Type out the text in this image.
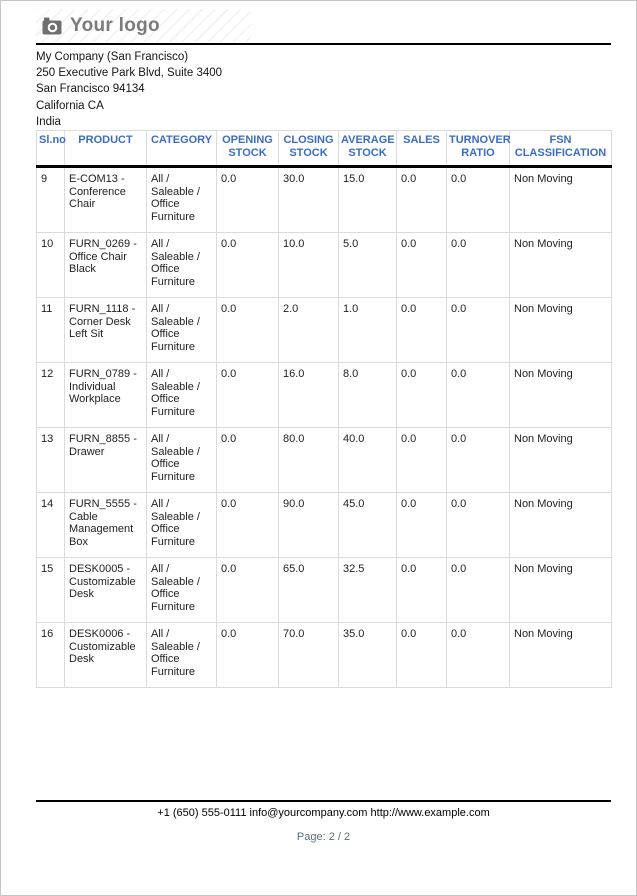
Your logo
My Company (San Francisco)
250 Executive Park Blvd, Suite 3400
San Francisco 94134
California CA
India
Sl.no	PRODUCT	CATEGORY	OPENING STOCK	CLOSING STOCK	AVERAGE STOCK	SALES	TURNOVER RATIO	FSN CLASSIFICATION
9	E-COM13 - Conference Chair	All / Saleable / Office Furniture	0.0	30.0	15.0	0.0	0.0	Non Moving
10	FURN_0269 - Office Chair Black	All / Saleable / Office Furniture	0.0	10.0	5.0	0.0	0.0	Non Moving
11	FURN_1118 - Corner Desk Left Sit	All / Saleable / Office Furniture	0.0	2.0	1.0	0.0	0.0	Non Moving
12	FURN_0789 - Individual Workplace	All / Saleable / Office Furniture	0.0	16.0	8.0	0.0	0.0	Non Moving
13	FURN_8855 - Drawer	All / Saleable / Office Furniture	0.0	80.0	40.0	0.0	0.0	Non Moving
14	FURN_5555 - Cable Management Box	All / Saleable / Office Furniture	0.0	90.0	45.0	0.0	0.0	Non Moving
15	DESK0005 - Customizable Desk	All / Saleable / Office Furniture	0.0	65.0	32.5	0.0	0.0	Non Moving
16	DESK0006 - Customizable Desk	All / Saleable / Office Furniture	0.0	70.0	35.0	0.0	0.0	Non Moving
+1 (650) 555-0111 info@yourcompany.com http://www.example.com
Page: 2 / 2
